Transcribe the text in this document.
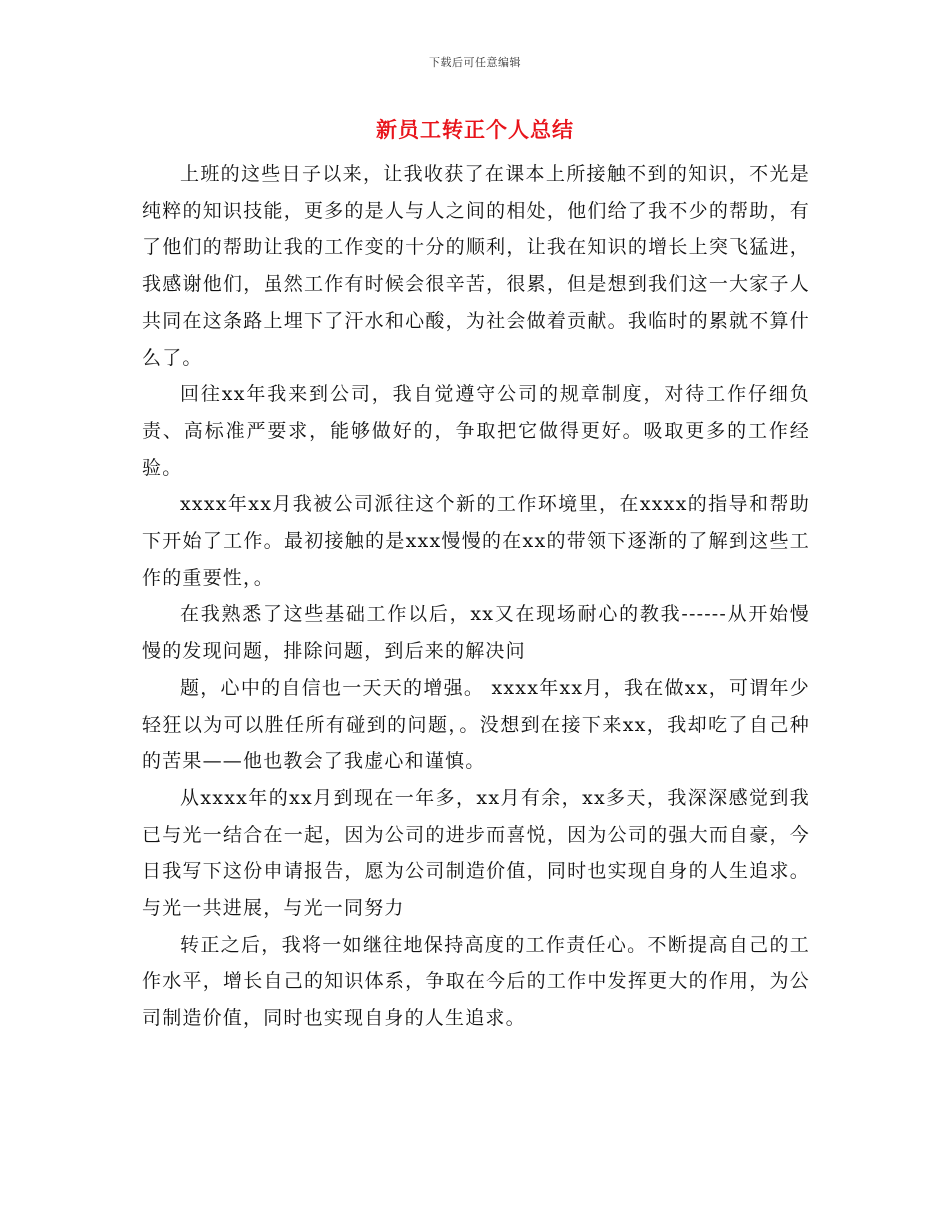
下载后可任意编辑
新员工转正个人总结

上班的这些日子以来，让我收获了在课本上所接触不到的知识，不光是纯粹的知识技能，更多的是人与人之间的相处，他们给了我不少的帮助，有了他们的帮助让我的工作变的十分的顺利，让我在知识的增长上突飞猛进，我感谢他们，虽然工作有时候会很辛苦，很累，但是想到我们这一大家子人共同在这条路上埋下了汗水和心酸，为社会做着贡献。我临时的累就不算什么了。

回往xx年我来到公司，我自觉遵守公司的规章制度，对待工作仔细负责、高标准严要求，能够做好的，争取把它做得更好。吸取更多的工作经验。

xxxx年xx月我被公司派往这个新的工作环境里，在xxxx的指导和帮助下开始了工作。最初接触的是xxx慢慢的在xx的带领下逐渐的了解到这些工作的重要性，。

在我熟悉了这些基础工作以后，xx又在现场耐心的教我------从开始慢慢的发现问题，排除问题，到后来的解决问

题，心中的自信也一天天的增强。 xxxx年xx月，我在做xx，可谓年少轻狂以为可以胜任所有碰到的问题，。没想到在接下来xx，我却吃了自己种的苦果——他也教会了我虚心和谨慎。

从xxxx年的xx月到现在一年多，xx月有余，xx多天，我深深感觉到我已与光一结合在一起，因为公司的进步而喜悦，因为公司的强大而自豪，今日我写下这份申请报告，愿为公司制造价值，同时也实现自身的人生追求。与光一共进展，与光一同努力

转正之后，我将一如继往地保持高度的工作责任心。不断提高自己的工作水平，增长自己的知识体系，争取在今后的工作中发挥更大的作用，为公司制造价值，同时也实现自身的人生追求。
